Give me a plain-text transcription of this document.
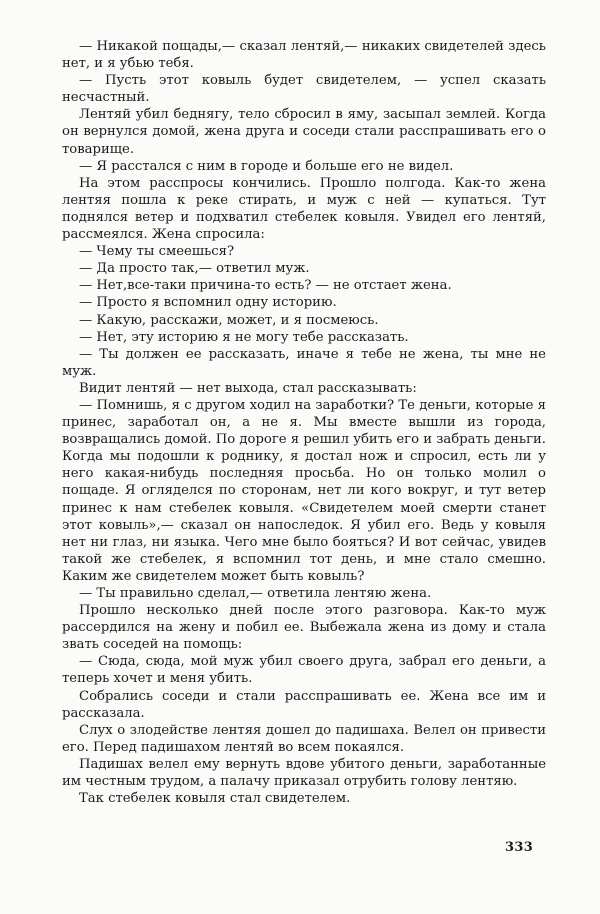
— Никакой пощады,— сказал лентяй,— никаких свидетелей здесь нет, и я убью тебя.

— Пусть этот ковыль будет свидетелем, — успел сказать несчастный.

Лентяй убил беднягу, тело сбросил в яму, засыпал землей. Когда он вернулся домой, жена друга и соседи стали расспрашивать его о товарище.

— Я расстался с ним в городе и больше его не видел.

На этом расспросы кончились. Прошло полгода. Как-то жена лентяя пошла к реке стирать, и муж с ней — купаться. Тут поднялся ветер и подхватил стебелек ковыля. Увидел его лентяй, рассмеялся. Жена спросила:

— Чему ты смеешься?

— Да просто так,— ответил муж.

— Нет,все-таки причина-то есть? — не отстает жена.

— Просто я вспомнил одну историю.

— Какую, расскажи, может, и я посмеюсь.

— Нет, эту историю я не могу тебе рассказать.

— Ты должен ее рассказать, иначе я тебе не жена, ты мне не муж.

Видит лентяй — нет выхода, стал рассказывать:

— Помнишь, я с другом ходил на заработки? Те деньги, которые я принес, заработал он, а не я. Мы вместе вышли из города, возвращались домой. По дороге я решил убить его и забрать деньги. Когда мы подошли к роднику, я достал нож и спросил, есть ли у него какая-нибудь последняя просьба. Но он только молил о пощаде. Я огляделся по сторонам, нет ли кого вокруг, и тут ветер принес к нам стебелек ковыля. «Свидетелем моей смерти станет этот ковыль»,— сказал он напоследок. Я убил его. Ведь у ковыля нет ни глаз, ни языка. Чего мне было бояться? И вот сейчас, увидев такой же стебелек, я вспомнил тот день, и мне стало смешно. Каким же свидетелем может быть ковыль?

— Ты правильно сделал,— ответила лентяю жена.

Прошло несколько дней после этого разговора. Как-то муж рассердился на жену и побил ее. Выбежала жена из дому и стала звать соседей на помощь:

— Сюда, сюда, мой муж убил своего друга, забрал его деньги, а теперь хочет и меня убить.

Собрались соседи и стали расспрашивать ее. Жена все им и рассказала.

Слух о злодействе лентяя дошел до падишаха. Велел он привести его. Перед падишахом лентяй во всем покаялся.

Падишах велел ему вернуть вдове убитого деньги, заработанные им честным трудом, а палачу приказал отрубить голову лентяю.

Так стебелек ковыля стал свидетелем.

333
